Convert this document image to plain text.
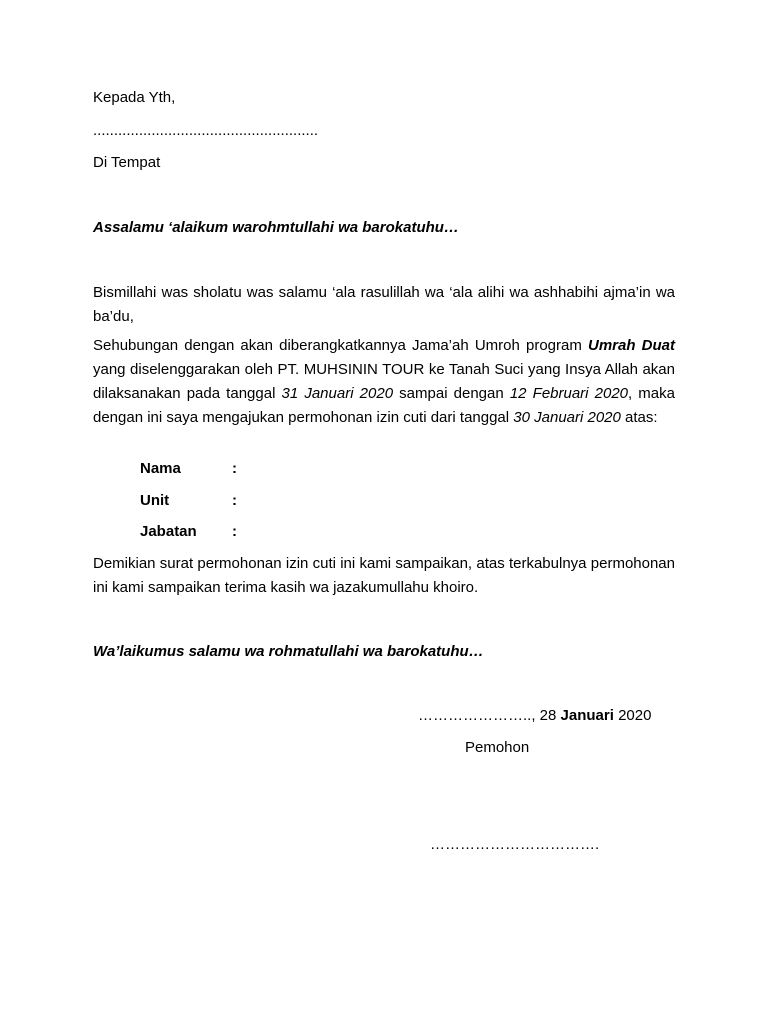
Kepada Yth,
......................................................
Di Tempat
Assalamu ‘alaikum warohmtullahi wa barokatuhu…
Bismillahi was sholatu was salamu ‘ala rasulillah wa ‘ala alihi wa ashhabihi ajma’in wa ba’du,
Sehubungan dengan akan diberangkatkannya Jama’ah Umroh program Umrah Duat yang diselenggarakan oleh PT. MUHSININ TOUR ke Tanah Suci yang Insya Allah akan dilaksanakan pada tanggal 31 Januari 2020 sampai dengan 12 Februari 2020, maka dengan ini saya mengajukan permohonan izin cuti dari tanggal 30 Januari 2020 atas:
Nama	:
Unit	:
Jabatan :
Demikian surat permohonan izin cuti ini kami sampaikan, atas terkabulnya permohonan ini kami sampaikan terima kasih wa jazakumullahu khoiro.
Wa’laikumus salamu wa rohmatullahi wa barokatuhu…
………………….., 28 Januari 2020
Pemohon
…………………………….
